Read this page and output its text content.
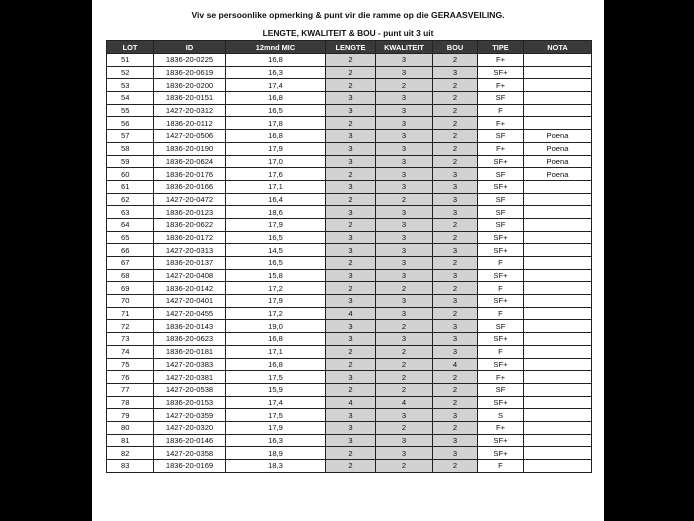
Viv se persoonlike opmerking & punt vir die ramme op die GERAASVEILING.
LENGTE, KWALITEIT & BOU - punt uit 3 uit
LOT	ID	12mnd MIC	LENGTE	KWALITEIT	BOU	TIPE	NOTA
51	1836-20-0225	16,8	2	3	2	F+	
52	1836-20-0619	16,3	2	3	3	SF+	
53	1836-20-0200	17,4	2	2	2	F+	
54	1836-20-0151	16,8	3	3	2	SF	
55	1427-20-0312	16,5	3	3	2	F	
56	1836-20-0112	17,8	2	3	2	F+	
57	1427-20-0506	16,8	3	3	2	SF	Poena
58	1836-20-0190	17,9	3	3	2	F+	Poena
59	1836-20-0624	17,0	3	3	2	SF+	Poena
60	1836-20-0176	17,6	2	3	3	SF	Poena
61	1836-20-0166	17,1	3	3	3	SF+	
62	1427-20-0472	16,4	2	2	3	SF	
63	1836-20-0123	18,6	3	3	3	SF	
64	1836-20-0622	17,9	2	3	2	SF	
65	1836-20-0172	16,5	3	3	2	SF+	
66	1427-20-0313	14,5	3	3	3	SF+	
67	1836-20-0137	16,5	2	3	2	F	
68	1427-20-0408	15,8	3	3	3	SF+	
69	1836-20-0142	17,2	2	2	2	F	
70	1427-20-0401	17,9	3	3	3	SF+	
71	1427-20-0455	17,2	4	3	2	F	
72	1836-20-0143	19,0	3	2	3	SF	
73	1836-20-0623	16,8	3	3	3	SF+	
74	1836-20-0181	17,1	2	2	3	F	
75	1427-20-0383	16,8	2	2	4	SF+	
76	1427-20-0381	17,5	3	2	2	F+	
77	1427-20-0538	15,9	2	2	2	SF	
78	1836-20-0153	17,4	4	4	2	SF+	
79	1427-20-0359	17,5	3	3	3	S	
80	1427-20-0320	17,9	3	2	2	F+	
81	1836-20-0146	16,3	3	3	3	SF+	
82	1427-20-0358	18,9	2	3	3	SF+	
83	1836-20-0169	18,3	2	2	2	F	
